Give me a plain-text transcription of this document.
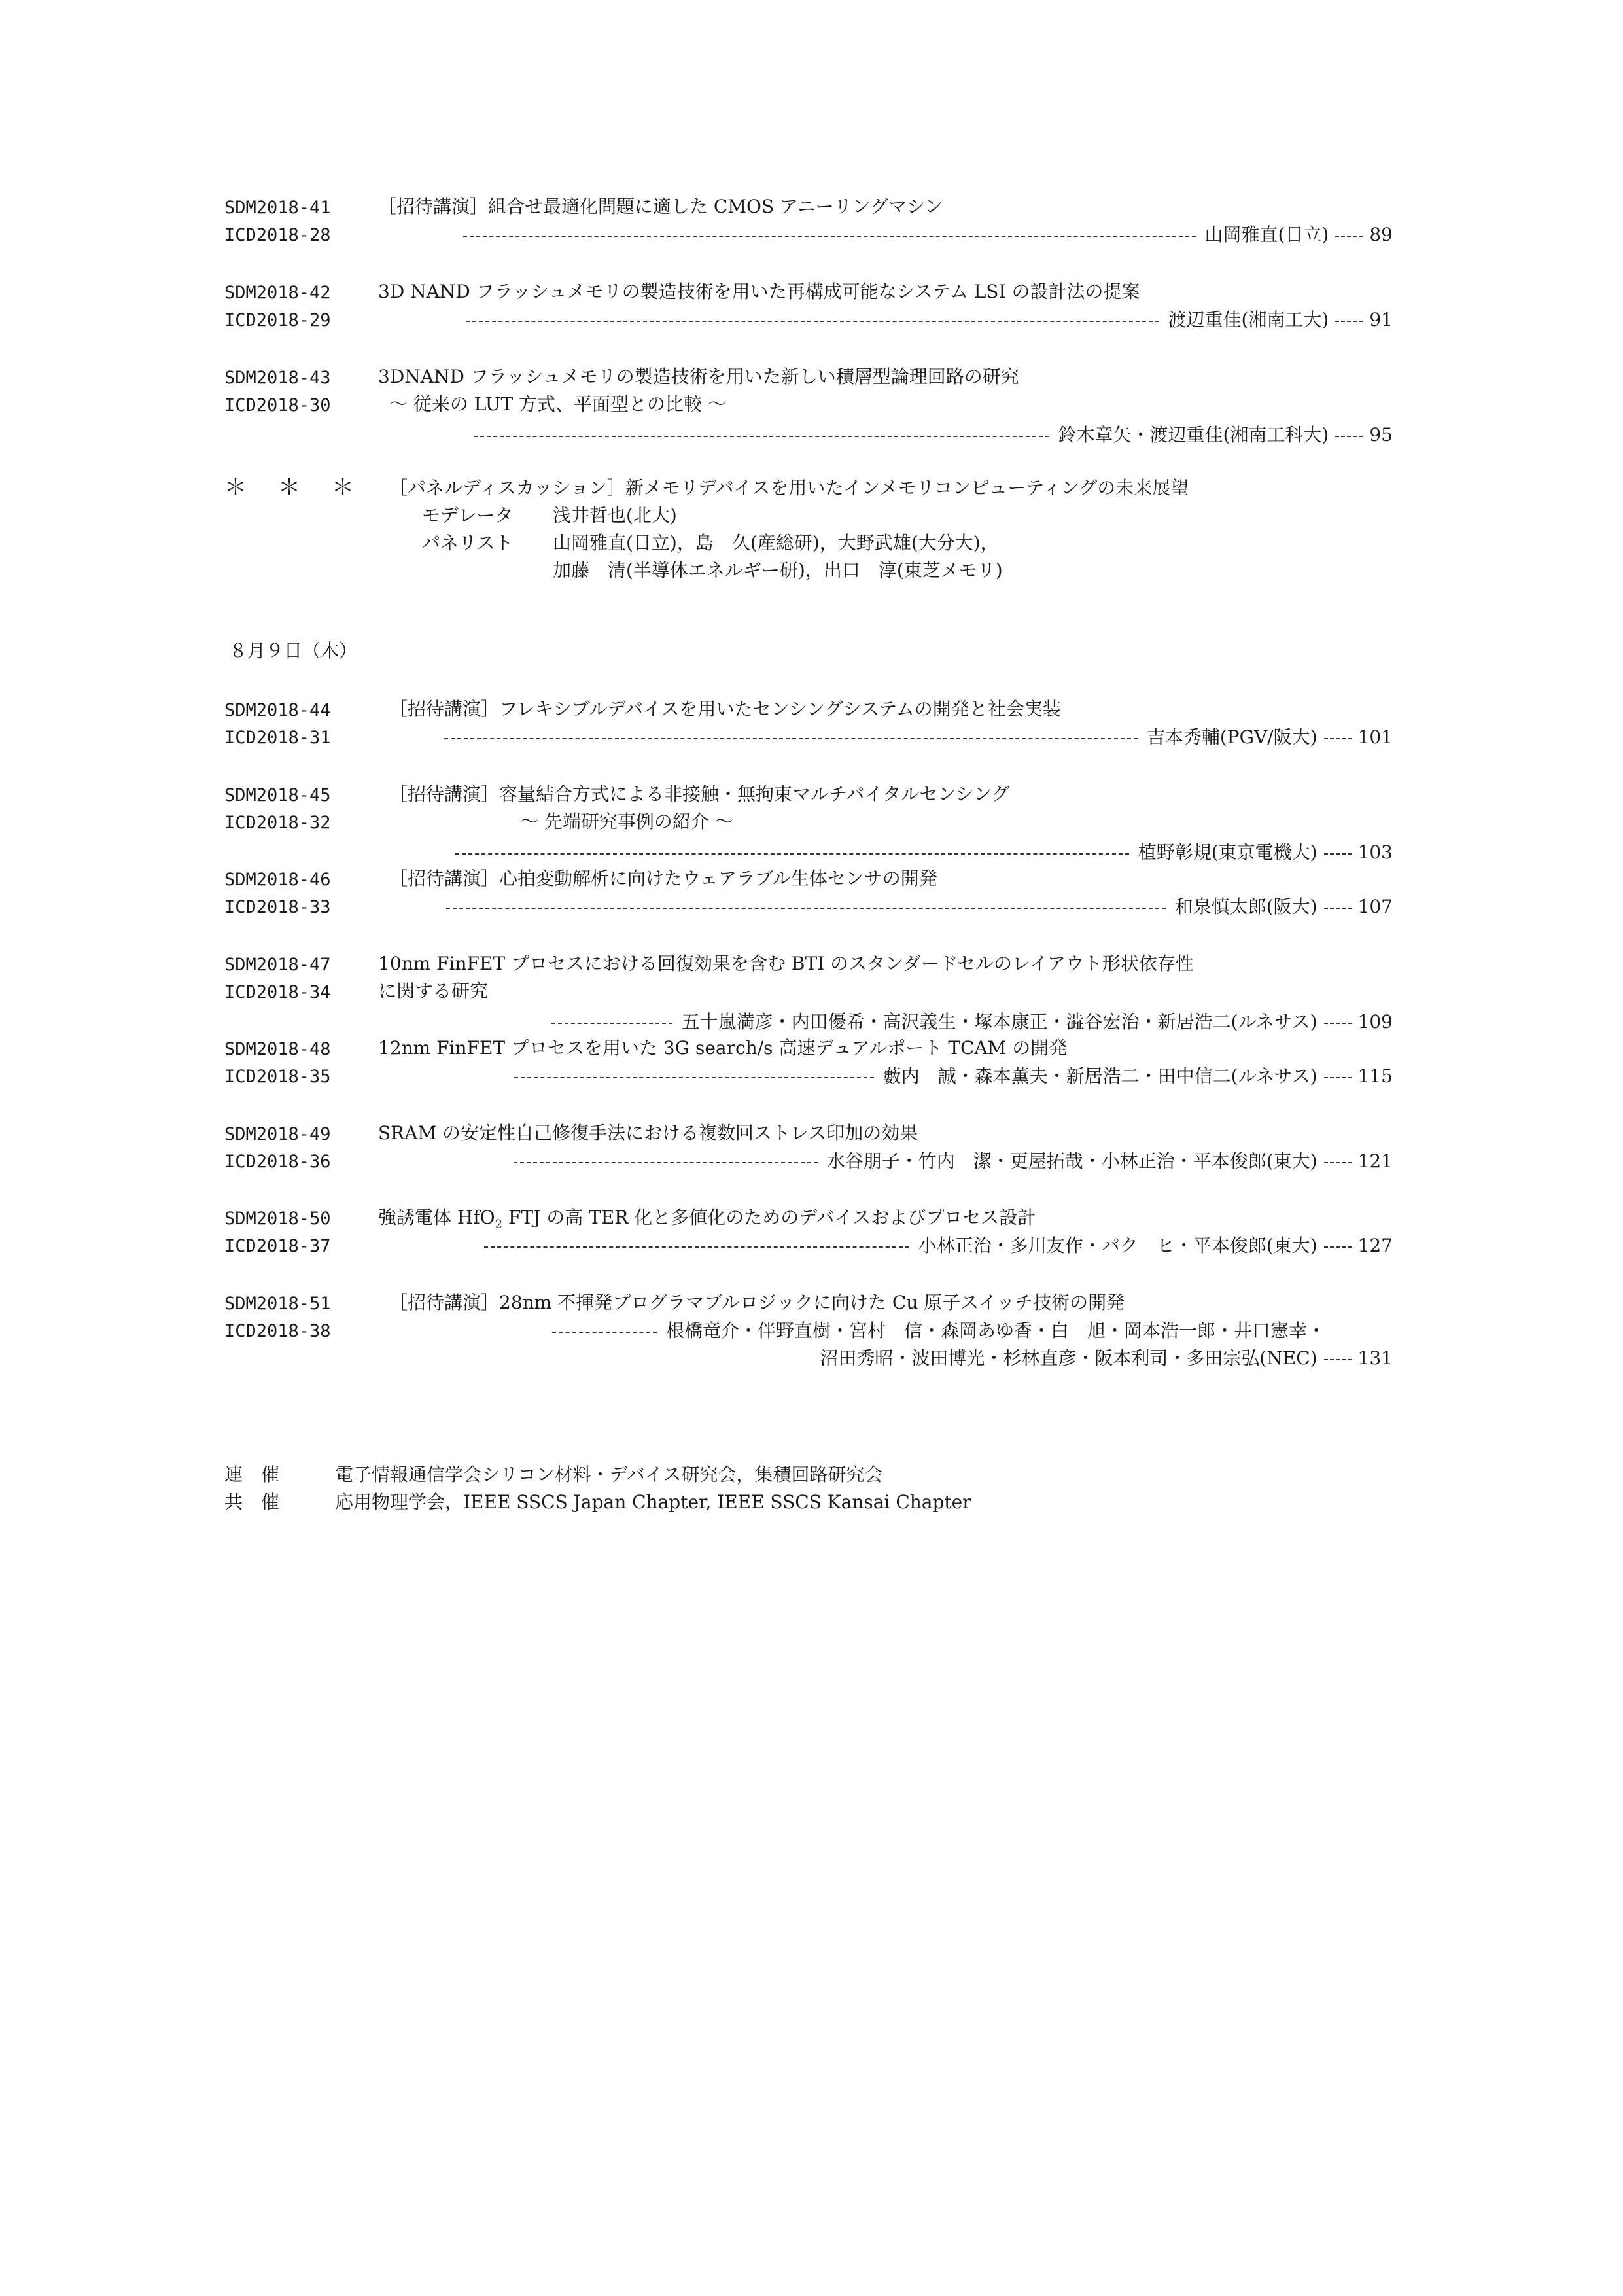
SDM2018-41
ICD2018-28
［招待講演］組合せ最適化問題に適した CMOS アニーリングマシン
山岡雅直(日立) 89
SDM2018-42
ICD2018-29
3D NAND フラッシュメモリの製造技術を用いた再構成可能なシステム LSI の設計法の提案
渡辺重佳(湘南工大) 91
SDM2018-43
ICD2018-30
3DNAND フラッシュメモリの製造技術を用いた新しい積層型論理回路の研究
〜 従来の LUT 方式、平面型との比較 〜
鈴木章矢・渡辺重佳(湘南工科大) 95
＊＊＊ ［パネルディスカッション］新メモリデバイスを用いたインメモリコンピューティングの未来展望
モデレータ 浅井哲也(北大)
パネリスト 山岡雅直(日立)，島　久(産総研)，大野武雄(大分大)，
加藤　清(半導体エネルギー研)，出口　淳(東芝メモリ)
８月９日（木）
SDM2018-44
ICD2018-31
［招待講演］フレキシブルデバイスを用いたセンシングシステムの開発と社会実装
吉本秀輔(PGV/阪大) 101
SDM2018-45
ICD2018-32
［招待講演］容量結合方式による非接触・無拘束マルチバイタルセンシング
〜 先端研究事例の紹介 〜
植野彰規(東京電機大) 103
SDM2018-46
ICD2018-33
［招待講演］心拍変動解析に向けたウェアラブル生体センサの開発
和泉慎太郎(阪大) 107
SDM2018-47
ICD2018-34
10nm FinFET プロセスにおける回復効果を含む BTI のスタンダードセルのレイアウト形状依存性
に関する研究
五十嵐満彦・内田優希・高沢義生・塚本康正・澁谷宏治・新居浩二(ルネサス) 109
SDM2018-48
ICD2018-35
12nm FinFET プロセスを用いた 3G search/s 高速デュアルポート TCAM の開発
藪内　誠・森本薫夫・新居浩二・田中信二(ルネサス) 115
SDM2018-49
ICD2018-36
SRAM の安定性自己修復手法における複数回ストレス印加の効果
水谷朋子・竹内　潔・更屋拓哉・小林正治・平本俊郎(東大) 121
SDM2018-50
ICD2018-37
強誘電体 HfO$_2$ FTJ の高 TER 化と多値化のためのデバイスおよびプロセス設計
小林正治・多川友作・パク　ヒ・平本俊郎(東大) 127
SDM2018-51
ICD2018-38
［招待講演］28nm 不揮発プログラマブルロジックに向けた Cu 原子スイッチ技術の開発
根橋竜介・伴野直樹・宮村　信・森岡あゆ香・白　旭・岡本浩一郎・井口憲幸・
沼田秀昭・波田博光・杉林直彦・阪本利司・多田宗弘(NEC) 131
連　催	電子情報通信学会シリコン材料・デバイス研究会，集積回路研究会
共　催	応用物理学会，IEEE SSCS Japan Chapter, IEEE SSCS Kansai Chapter
